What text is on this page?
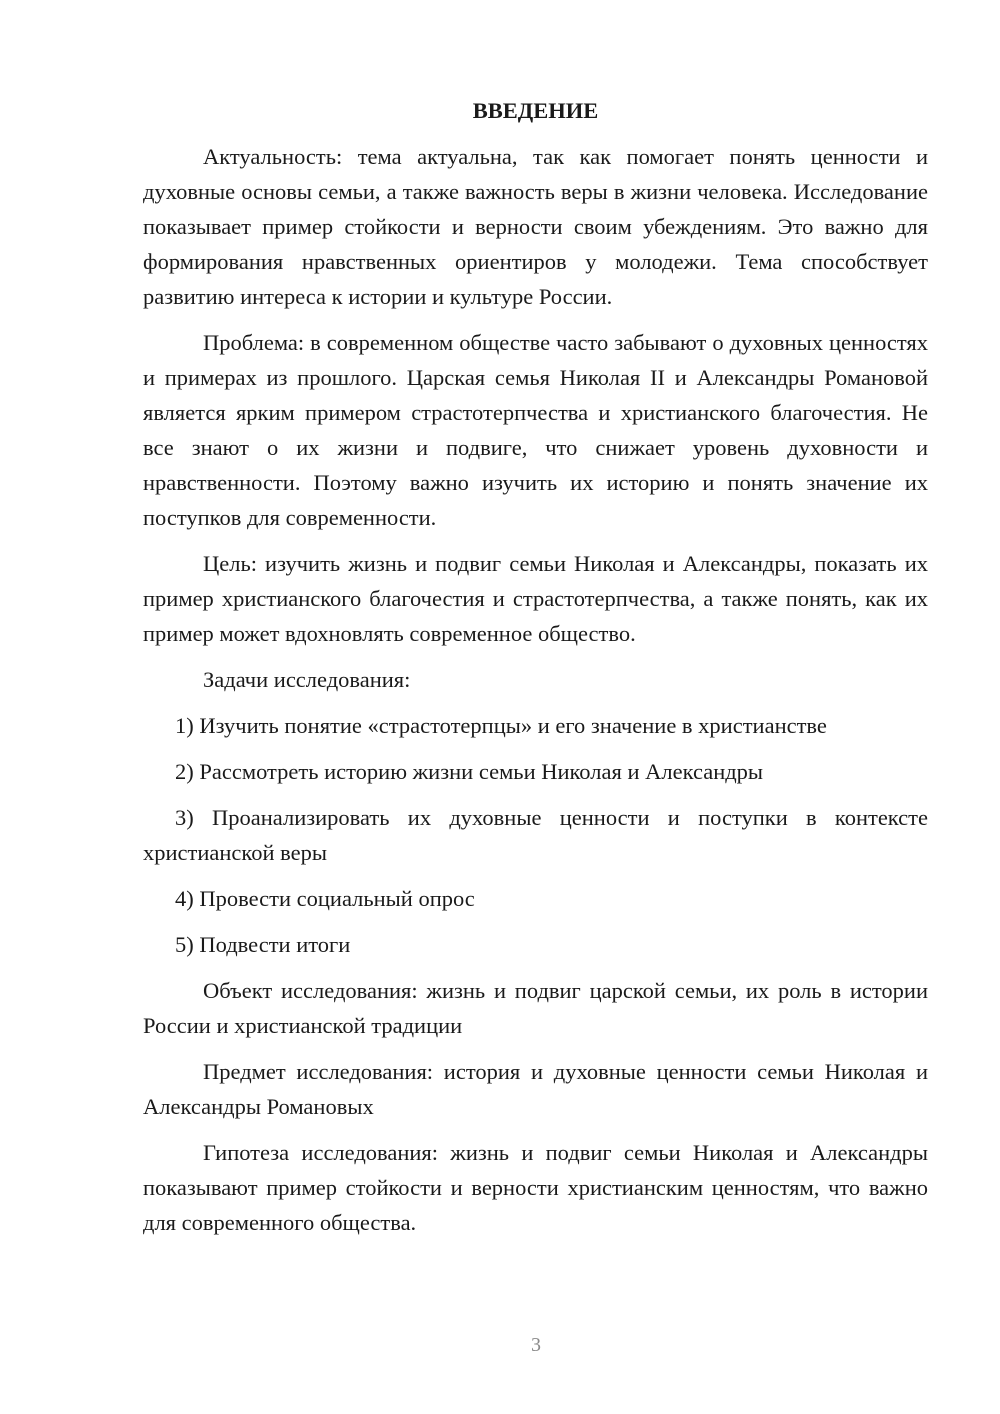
ВВЕДЕНИЕ

Актуальность: тема актуальна, так как помогает понять ценности и духовные основы семьи, а также важность веры в жизни человека. Исследование показывает пример стойкости и верности своим убеждениям. Это важно для формирования нравственных ориентиров у молодежи. Тема способствует развитию интереса к истории и культуре России.

Проблема: в современном обществе часто забывают о духовных ценностях и примерах из прошлого. Царская семья Николая II и Александры Романовой является ярким примером страстотерпчества и христианского благочестия. Не все знают о их жизни и подвиге, что снижает уровень духовности и нравственности. Поэтому важно изучить их историю и понять значение их поступков для современности.

Цель: изучить жизнь и подвиг семьи Николая и Александры, показать их пример христианского благочестия и страстотерпчества, а также понять, как их пример может вдохновлять современное общество.

Задачи исследования:

1) Изучить понятие «страстотерпцы» и его значение в христианстве

2) Рассмотреть историю жизни семьи Николая и Александры

3) Проанализировать их духовные ценности и поступки в контексте христианской веры

4) Провести социальный опрос

5) Подвести итоги

Объект исследования: жизнь и подвиг царской семьи, их роль в истории России и христианской традиции

Предмет исследования: история и духовные ценности семьи Николая и Александры Романовых

Гипотеза исследования: жизнь и подвиг семьи Николая и Александры показывают пример стойкости и верности христианским ценностям, что важно для современного общества.

3
